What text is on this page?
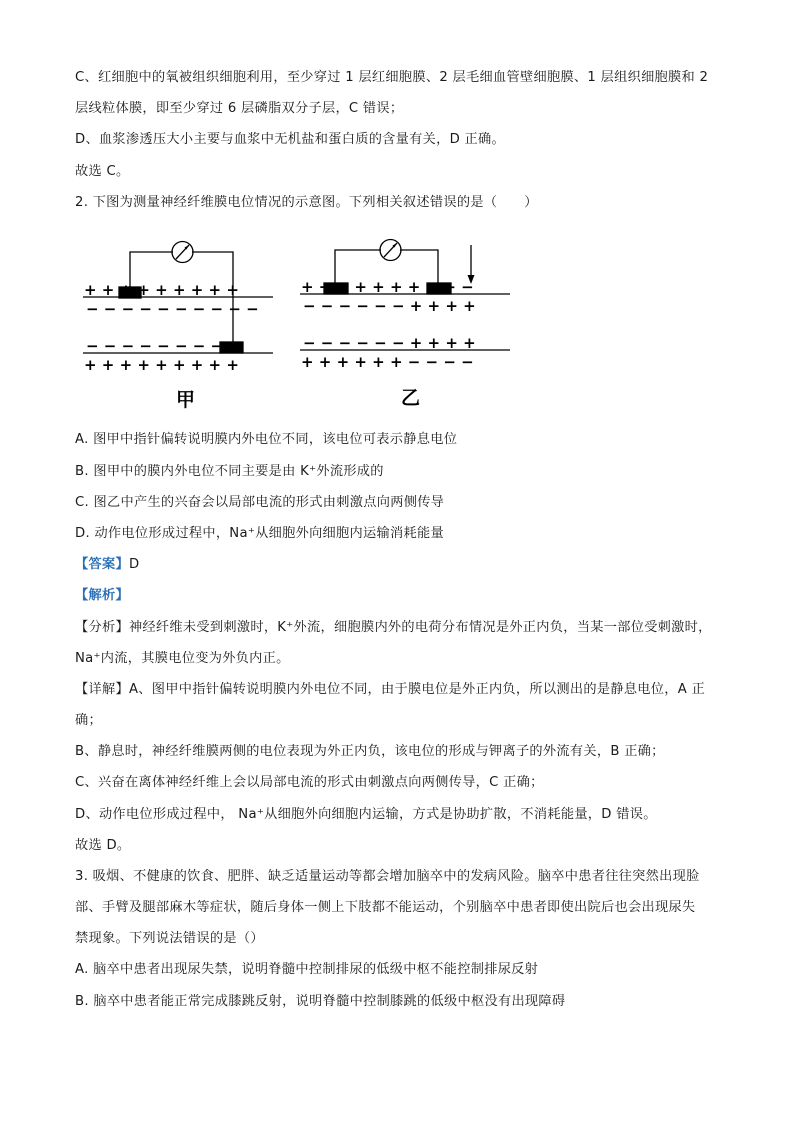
C、红细胞中的氧被组织细胞利用，至少穿过 1 层红细胞膜、2 层毛细血管壁细胞膜、1 层组织细胞膜和 2
层线粒体膜，即至少穿过 6 层磷脂双分子层，C 错误；
D、血浆渗透压大小主要与血浆中无机盐和蛋白质的含量有关，D 正确。
故选 C。
2. 下图为测量神经纤维膜电位情况的示意图。下列相关叙述错误的是（　　）
+ + + + + + + + +
− − − − − − − − − −
− − − − − − − − −
+ + + + + + + + +
甲
+ + + + + + + + − −
− − − − − − + + + +
− − − − − − + + + +
+ + + + + + − − − −
乙
A. 图甲中指针偏转说明膜内外电位不同，该电位可表示静息电位
B. 图甲中的膜内外电位不同主要是由 K⁺外流形成的
C. 图乙中产生的兴奋会以局部电流的形式由刺激点向两侧传导
D. 动作电位形成过程中，Na⁺从细胞外向细胞内运输消耗能量
【答案】D
【解析】
【分析】神经纤维未受到刺激时，K⁺外流，细胞膜内外的电荷分布情况是外正内负，当某一部位受刺激时，
Na⁺内流，其膜电位变为外负内正。
【详解】A、图甲中指针偏转说明膜内外电位不同，由于膜电位是外正内负，所以测出的是静息电位，A 正
确；
B、静息时，神经纤维膜两侧的电位表现为外正内负，该电位的形成与钾离子的外流有关，B 正确；
C、兴奋在离体神经纤维上会以局部电流的形式由刺激点向两侧传导，C 正确；
D、动作电位形成过程中， Na⁺从细胞外向细胞内运输，方式是协助扩散，不消耗能量，D 错误。
故选 D。
3. 吸烟、不健康的饮食、肥胖、缺乏适量运动等都会增加脑卒中的发病风险。脑卒中患者往往突然出现脸
部、手臂及腿部麻木等症状，随后身体一侧上下肢都不能运动，个别脑卒中患者即使出院后也会出现尿失
禁现象。下列说法错误的是（）
A. 脑卒中患者出现尿失禁，说明脊髓中控制排尿的低级中枢不能控制排尿反射
B. 脑卒中患者能正常完成膝跳反射，说明脊髓中控制膝跳的低级中枢没有出现障碍
